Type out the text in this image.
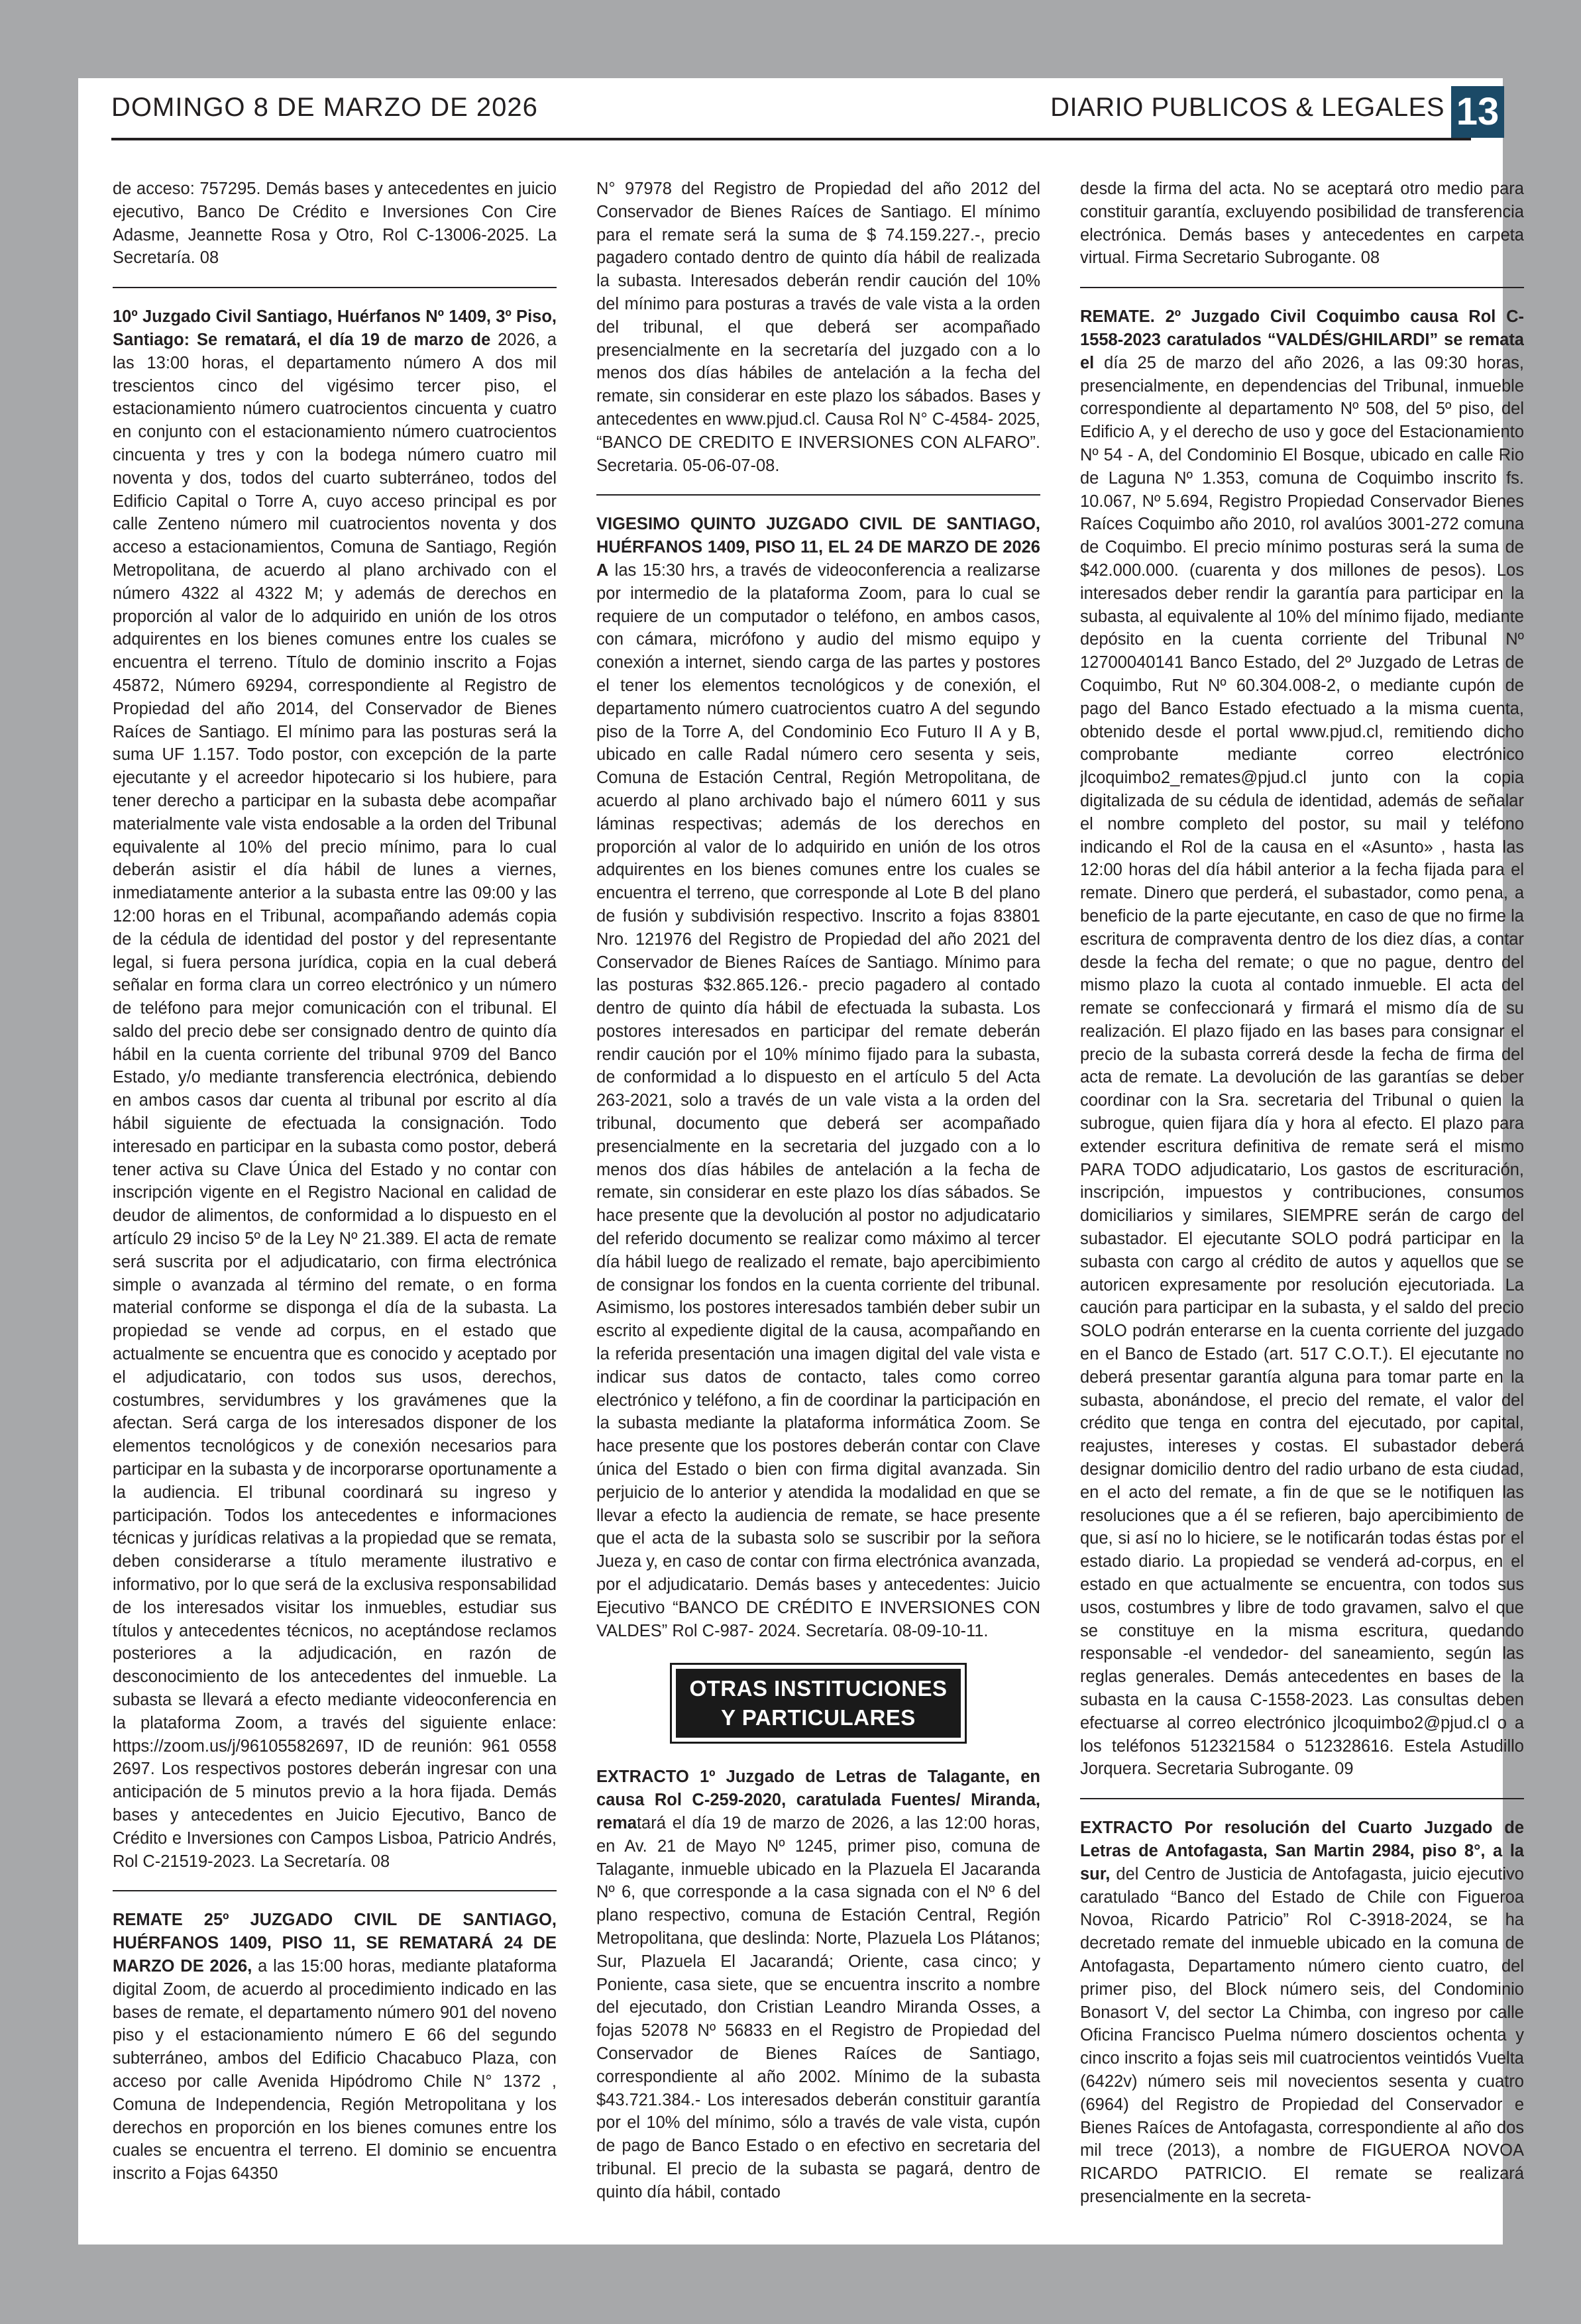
DOMINGO 8 DE MARZO DE 2026	DIARIO PUBLICOS & LEGALES 13

de acceso: 757295. Demás bases y antecedentes en juicio ejecutivo, Banco De Crédito e Inversiones Con Cire Adasme, Jeannette Rosa y Otro, Rol C-13006-2025. La Secretaría. 08

10º Juzgado Civil Santiago, Huérfanos Nº 1409, 3º Piso, Santiago: Se rematará, el día 19 de marzo de 2026, a las 13:00 horas, el departamento número A dos mil trescientos cinco del vigésimo tercer piso, el estacionamiento número cuatrocientos cincuenta y cuatro en conjunto con el estacionamiento número cuatrocientos cincuenta y tres y con la bodega número cuatro mil noventa y dos, todos del cuarto subterráneo, todos del Edificio Capital o Torre A, cuyo acceso principal es por calle Zenteno número mil cuatrocientos noventa y dos acceso a estacionamientos, Comuna de Santiago, Región Metropolitana, de acuerdo al plano archivado con el número 4322 al 4322 M; y además de derechos en proporción al valor de lo adquirido en unión de los otros adquirentes en los bienes comunes entre los cuales se encuentra el terreno. Título de dominio inscrito a Fojas 45872, Número 69294, correspondiente al Registro de Propiedad del año 2014, del Conservador de Bienes Raíces de Santiago. El mínimo para las posturas será la suma UF 1.157. Todo postor, con excepción de la parte ejecutante y el acreedor hipotecario si los hubiere, para tener derecho a participar en la subasta debe acompañar materialmente vale vista endosable a la orden del Tribunal equivalente al 10% del precio mínimo, para lo cual deberán asistir el día hábil de lunes a viernes, inmediatamente anterior a la subasta entre las 09:00 y las 12:00 horas en el Tribunal, acompañando además copia de la cédula de identidad del postor y del representante legal, si fuera persona jurídica, copia en la cual deberá señalar en forma clara un correo electrónico y un número de teléfono para mejor comunicación con el tribunal. El saldo del precio debe ser consignado dentro de quinto día hábil en la cuenta corriente del tribunal 9709 del Banco Estado, y/o mediante transferencia electrónica, debiendo en ambos casos dar cuenta al tribunal por escrito al día hábil siguiente de efectuada la consignación. Todo interesado en participar en la subasta como postor, deberá tener activa su Clave Única del Estado y no contar con inscripción vigente en el Registro Nacional en calidad de deudor de alimentos, de conformidad a lo dispuesto en el artículo 29 inciso 5º de la Ley Nº 21.389. El acta de remate será suscrita por el adjudicatario, con firma electrónica simple o avanzada al término del remate, o en forma material conforme se disponga el día de la subasta. La propiedad se vende ad corpus, en el estado que actualmente se encuentra que es conocido y aceptado por el adjudicatario, con todos sus usos, derechos, costumbres, servidumbres y los gravámenes que la afectan. Será carga de los interesados disponer de los elementos tecnológicos y de conexión necesarios para participar en la subasta y de incorporarse oportunamente a la audiencia. El tribunal coordinará su ingreso y participación. Todos los antecedentes e informaciones técnicas y jurídicas relativas a la propiedad que se remata, deben considerarse a título meramente ilustrativo e informativo, por lo que será de la exclusiva responsabilidad de los interesados visitar los inmuebles, estudiar sus títulos y antecedentes técnicos, no aceptándose reclamos posteriores a la adjudicación, en razón de desconocimiento de los antecedentes del inmueble. La subasta se llevará a efecto mediante videoconferencia en la plataforma Zoom, a través del siguiente enlace: https://zoom.us/j/96105582697, ID de reunión: 961 0558 2697. Los respectivos postores deberán ingresar con una anticipación de 5 minutos previo a la hora fijada. Demás bases y antecedentes en Juicio Ejecutivo, Banco de Crédito e Inversiones con Campos Lisboa, Patricio Andrés, Rol C-21519-2023. La Secretaría. 08

REMATE 25º JUZGADO CIVIL DE SANTIAGO, HUÉRFANOS 1409, PISO 11, SE REMATARÁ 24 DE MARZO DE 2026, a las 15:00 horas, mediante plataforma digital Zoom, de acuerdo al procedimiento indicado en las bases de remate, el departamento número 901 del noveno piso y el estacionamiento número E 66 del segundo subterráneo, ambos del Edificio Chacabuco Plaza, con acceso por calle Avenida Hipódromo Chile N° 1372 , Comuna de Independencia, Región Metropolitana y los derechos en proporción en los bienes comunes entre los cuales se encuentra el terreno. El dominio se encuentra inscrito a Fojas 64350

N° 97978 del Registro de Propiedad del año 2012 del Conservador de Bienes Raíces de Santiago. El mínimo para el remate será la suma de $ 74.159.227.-, precio pagadero contado dentro de quinto día hábil de realizada la subasta. Interesados deberán rendir caución del 10% del mínimo para posturas a través de vale vista a la orden del tribunal, el que deberá ser acompañado presencialmente en la secretaría del juzgado con a lo menos dos días hábiles de antelación a la fecha del remate, sin considerar en este plazo los sábados. Bases y antecedentes en www.pjud.cl. Causa Rol N° C-4584- 2025, “BANCO DE CREDITO E INVERSIONES CON ALFARO”. Secretaria. 05-06-07-08.

VIGESIMO QUINTO JUZGADO CIVIL DE SANTIAGO, HUÉRFANOS 1409, PISO 11, EL 24 DE MARZO DE 2026 A las 15:30 hrs, a través de videoconferencia a realizarse por intermedio de la plataforma Zoom, para lo cual se requiere de un computador o teléfono, en ambos casos, con cámara, micrófono y audio del mismo equipo y conexión a internet, siendo carga de las partes y postores el tener los elementos tecnológicos y de conexión, el departamento número cuatrocientos cuatro A del segundo piso de la Torre A, del Condominio Eco Futuro II A y B, ubicado en calle Radal número cero sesenta y seis, Comuna de Estación Central, Región Metropolitana, de acuerdo al plano archivado bajo el número 6011 y sus láminas respectivas; además de los derechos en proporción al valor de lo adquirido en unión de los otros adquirentes en los bienes comunes entre los cuales se encuentra el terreno, que corresponde al Lote B del plano de fusión y subdivisión respectivo. Inscrito a fojas 83801 Nro. 121976 del Registro de Propiedad del año 2021 del Conservador de Bienes Raíces de Santiago. Mínimo para las posturas $32.865.126.- precio pagadero al contado dentro de quinto día hábil de efectuada la subasta. Los postores interesados en participar del remate deberán rendir caución por el 10% mínimo fijado para la subasta, de conformidad a lo dispuesto en el artículo 5 del Acta 263-2021, solo a través de un vale vista a la orden del tribunal, documento que deberá ser acompañado presencialmente en la secretaria del juzgado con a lo menos dos días hábiles de antelación a la fecha de remate, sin considerar en este plazo los días sábados. Se hace presente que la devolución al postor no adjudicatario del referido documento se realizar como máximo al tercer día hábil luego de realizado el remate, bajo apercibimiento de consignar los fondos en la cuenta corriente del tribunal. Asimismo, los postores interesados también deber subir un escrito al expediente digital de la causa, acompañando en la referida presentación una imagen digital del vale vista e indicar sus datos de contacto, tales como correo electrónico y teléfono, a fin de coordinar la participación en la subasta mediante la plataforma informática Zoom. Se hace presente que los postores deberán contar con Clave única del Estado o bien con firma digital avanzada. Sin perjuicio de lo anterior y atendida la modalidad en que se llevar a efecto la audiencia de remate, se hace presente que el acta de la subasta solo se suscribir por la señora Jueza y, en caso de contar con firma electrónica avanzada, por el adjudicatario. Demás bases y antecedentes: Juicio Ejecutivo “BANCO DE CRÉDITO E INVERSIONES CON VALDES” Rol C-987- 2024. Secretaría. 08-09-10-11.

OTRAS INSTITUCIONES
Y PARTICULARES

EXTRACTO 1º Juzgado de Letras de Talagante, en causa Rol C-259-2020, caratulada Fuentes/ Miranda, rematará el día 19 de marzo de 2026, a las 12:00 horas, en Av. 21 de Mayo Nº 1245, primer piso, comuna de Talagante, inmueble ubicado en la Plazuela El Jacaranda Nº 6, que corresponde a la casa signada con el Nº 6 del plano respectivo, comuna de Estación Central, Región Metropolitana, que deslinda: Norte, Plazuela Los Plátanos; Sur, Plazuela El Jacarandá; Oriente, casa cinco; y Poniente, casa siete, que se encuentra inscrito a nombre del ejecutado, don Cristian Leandro Miranda Osses, a fojas 52078 Nº 56833 en el Registro de Propiedad del Conservador de Bienes Raíces de Santiago, correspondiente al año 2002. Mínimo de la subasta $43.721.384.- Los interesados deberán constituir garantía por el 10% del mínimo, sólo a través de vale vista, cupón de pago de Banco Estado o en efectivo en secretaria del tribunal. El precio de la subasta se pagará, dentro de quinto día hábil, contado

desde la firma del acta. No se aceptará otro medio para constituir garantía, excluyendo posibilidad de transferencia electrónica. Demás bases y antecedentes en carpeta virtual. Firma Secretario Subrogante. 08

REMATE. 2º Juzgado Civil Coquimbo causa Rol C-1558-2023 caratulados “VALDÉS/GHILARDI” se remata el día 25 de marzo del año 2026, a las 09:30 horas, presencialmente, en dependencias del Tribunal, inmueble correspondiente al departamento Nº 508, del 5º piso, del Edificio A, y el derecho de uso y goce del Estacionamiento Nº 54 - A, del Condominio El Bosque, ubicado en calle Rio de Laguna Nº 1.353, comuna de Coquimbo inscrito fs. 10.067, Nº 5.694, Registro Propiedad Conservador Bienes Raíces Coquimbo año 2010, rol avalúos 3001-272 comuna de Coquimbo. El precio mínimo posturas será la suma de $42.000.000. (cuarenta y dos millones de pesos). Los interesados deber rendir la garantía para participar en la subasta, al equivalente al 10% del mínimo fijado, mediante depósito en la cuenta corriente del Tribunal Nº 12700040141 Banco Estado, del 2º Juzgado de Letras de Coquimbo, Rut Nº 60.304.008-2, o mediante cupón de pago del Banco Estado efectuado a la misma cuenta, obtenido desde el portal www.pjud.cl, remitiendo dicho comprobante mediante correo electrónico jlcoquimbo2_remates@pjud.cl junto con la copia digitalizada de su cédula de identidad, además de señalar el nombre completo del postor, su mail y teléfono indicando el Rol de la causa en el «Asunto» , hasta las 12:00 horas del día hábil anterior a la fecha fijada para el remate. Dinero que perderá, el subastador, como pena, a beneficio de la parte ejecutante, en caso de que no firme la escritura de compraventa dentro de los diez días, a contar desde la fecha del remate; o que no pague, dentro del mismo plazo la cuota al contado inmueble. El acta del remate se confeccionará y firmará el mismo día de su realización. El plazo fijado en las bases para consignar el precio de la subasta correrá desde la fecha de firma del acta de remate. La devolución de las garantías se deber coordinar con la Sra. secretaria del Tribunal o quien la subrogue, quien fijara día y hora al efecto. El plazo para extender escritura definitiva de remate será el mismo PARA TODO adjudicatario, Los gastos de escrituración, inscripción, impuestos y contribuciones, consumos domiciliarios y similares, SIEMPRE serán de cargo del subastador. El ejecutante SOLO podrá participar en la subasta con cargo al crédito de autos y aquellos que se autoricen expresamente por resolución ejecutoriada. La caución para participar en la subasta, y el saldo del precio SOLO podrán enterarse en la cuenta corriente del juzgado en el Banco de Estado (art. 517 C.O.T.). El ejecutante no deberá presentar garantía alguna para tomar parte en la subasta, abonándose, el precio del remate, el valor del crédito que tenga en contra del ejecutado, por capital, reajustes, intereses y costas. El subastador deberá designar domicilio dentro del radio urbano de esta ciudad, en el acto del remate, a fin de que se le notifiquen las resoluciones que a él se refieren, bajo apercibimiento de que, si así no lo hiciere, se le notificarán todas éstas por el estado diario. La propiedad se venderá ad-corpus, en el estado en que actualmente se encuentra, con todos sus usos, costumbres y libre de todo gravamen, salvo el que se constituye en la misma escritura, quedando responsable -el vendedor- del saneamiento, según las reglas generales. Demás antecedentes en bases de la subasta en la causa C-1558-2023. Las consultas deben efectuarse al correo electrónico jlcoquimbo2@pjud.cl o a los teléfonos 512321584 o 512328616. Estela Astudillo Jorquera. Secretaria Subrogante. 09

EXTRACTO Por resolución del Cuarto Juzgado de Letras de Antofagasta, San Martin 2984, piso 8°, a la sur, del Centro de Justicia de Antofagasta, juicio ejecutivo caratulado “Banco del Estado de Chile con Figueroa Novoa, Ricardo Patricio” Rol C-3918-2024, se ha decretado remate del inmueble ubicado en la comuna de Antofagasta, Departamento número ciento cuatro, del primer piso, del Block número seis, del Condominio Bonasort V, del sector La Chimba, con ingreso por calle Oficina Francisco Puelma número doscientos ochenta y cinco inscrito a fojas seis mil cuatrocientos veintidós Vuelta (6422v) número seis mil novecientos sesenta y cuatro (6964) del Registro de Propiedad del Conservador e Bienes Raíces de Antofagasta, correspondiente al año dos mil trece (2013), a nombre de FIGUEROA NOVOA RICARDO PATRICIO. El remate se realizará presencialmente en la secreta-
